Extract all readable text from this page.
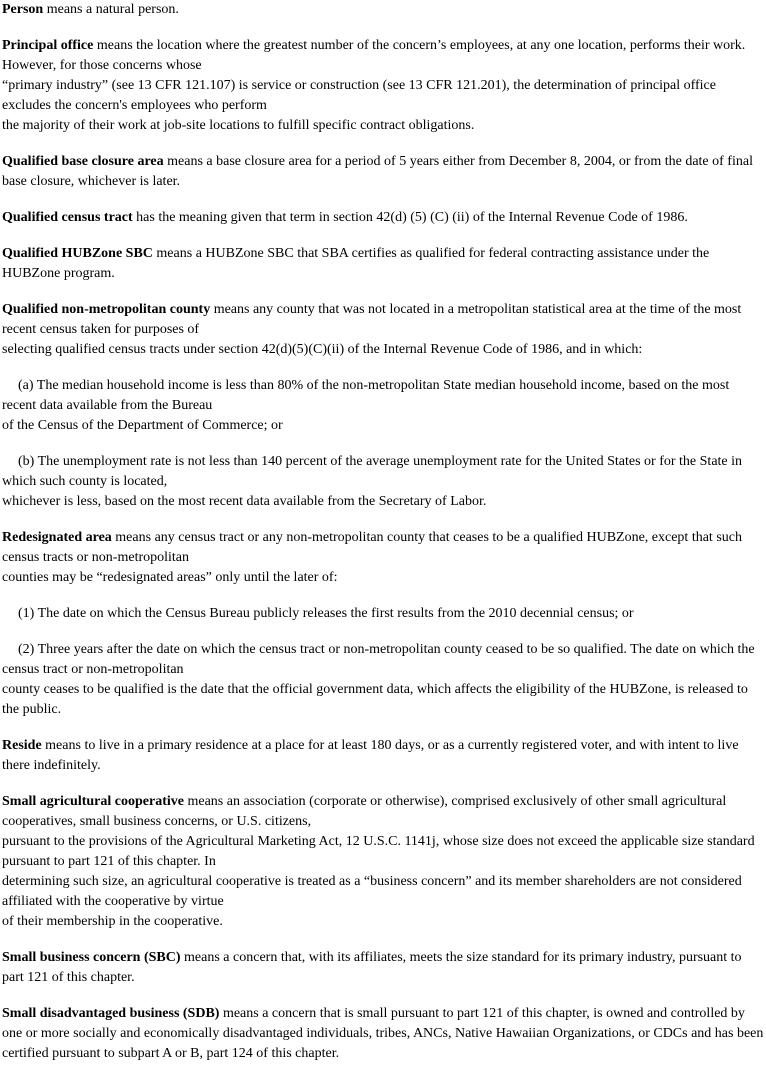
Person means a natural person.
Principal office means the location where the greatest number of the concern’s employees, at any one location, performs their work. However, for those concerns whose
“primary industry” (see 13 CFR 121.107) is service or construction (see 13 CFR 121.201), the determination of principal office excludes the concern's employees who perform
the majority of their work at job-site locations to fulfill specific contract obligations.
Qualified base closure area means a base closure area for a period of 5 years either from December 8, 2004, or from the date of final base closure, whichever is later.
Qualified census tract has the meaning given that term in section 42(d) (5) (C) (ii) of the Internal Revenue Code of 1986.
Qualified HUBZone SBC means a HUBZone SBC that SBA certifies as qualified for federal contracting assistance under the HUBZone program.
Qualified non-metropolitan county means any county that was not located in a metropolitan statistical area at the time of the most recent census taken for purposes of
selecting qualified census tracts under section 42(d)(5)(C)(ii) of the Internal Revenue Code of 1986, and in which:
(a) The median household income is less than 80% of the non-metropolitan State median household income, based on the most recent data available from the Bureau
of the Census of the Department of Commerce; or
(b) The unemployment rate is not less than 140 percent of the average unemployment rate for the United States or for the State in which such county is located,
whichever is less, based on the most recent data available from the Secretary of Labor.
Redesignated area means any census tract or any non-metropolitan county that ceases to be a qualified HUBZone, except that such census tracts or non-metropolitan
counties may be “redesignated areas” only until the later of:
(1) The date on which the Census Bureau publicly releases the first results from the 2010 decennial census; or
(2) Three years after the date on which the census tract or non-metropolitan county ceased to be so qualified. The date on which the census tract or non-metropolitan
county ceases to be qualified is the date that the official government data, which affects the eligibility of the HUBZone, is released to the public.
Reside means to live in a primary residence at a place for at least 180 days, or as a currently registered voter, and with intent to live there indefinitely.
Small agricultural cooperative means an association (corporate or otherwise), comprised exclusively of other small agricultural cooperatives, small business concerns, or U.S. citizens,
pursuant to the provisions of the Agricultural Marketing Act, 12 U.S.C. 1141j, whose size does not exceed the applicable size standard pursuant to part 121 of this chapter. In
determining such size, an agricultural cooperative is treated as a “business concern” and its member shareholders are not considered affiliated with the cooperative by virtue
of their membership in the cooperative.
Small business concern (SBC) means a concern that, with its affiliates, meets the size standard for its primary industry, pursuant to part 121 of this chapter.
Small disadvantaged business (SDB) means a concern that is small pursuant to part 121 of this chapter, is owned and controlled by one or more socially and economically disadvantaged individuals, tribes, ANCs, Native Hawaiian Organizations, or CDCs and has been certified pursuant to subpart A or B, part 124 of this chapter.
